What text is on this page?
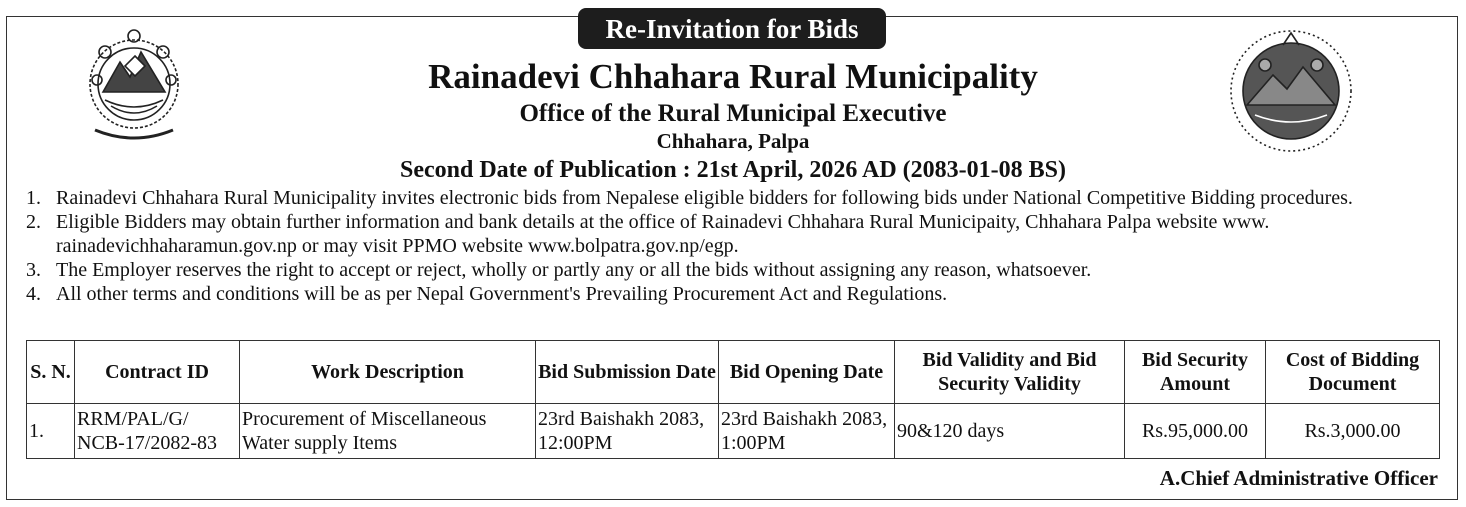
Re-Invitation for Bids
Rainadevi Chhahara Rural Municipality
Office of the Rural Municipal Executive
Chhahara, Palpa
Second Date of Publication : 21st April, 2026 AD (2083-01-08 BS)
1. Rainadevi Chhahara Rural Municipality invites electronic bids from Nepalese eligible bidders for following bids under National Competitive Bidding procedures.
2. Eligible Bidders may obtain further information and bank details at the office of Rainadevi Chhahara Rural Municipaity, Chhahara Palpa website www. rainadevichhaharamun.gov.np or may visit PPMO website www.bolpatra.gov.np/egp.
3. The Employer reserves the right to accept or reject, wholly or partly any or all the bids without assigning any reason, whatsoever.
4. All other terms and conditions will be as per Nepal Government's Prevailing Procurement Act and Regulations.
S. N.	Contract ID	Work Description	Bid Submission Date	Bid Opening Date	Bid Validity and Bid Security Validity	Bid Security Amount	Cost of Bidding Document
1.	RRM/PAL/G/ NCB-17/2082-83	Procurement of Miscellaneous Water supply Items	23rd Baishakh 2083, 12:00PM	23rd Baishakh 2083, 1:00PM	90&120 days	Rs.95,000.00	Rs.3,000.00
A.Chief Administrative Officer
